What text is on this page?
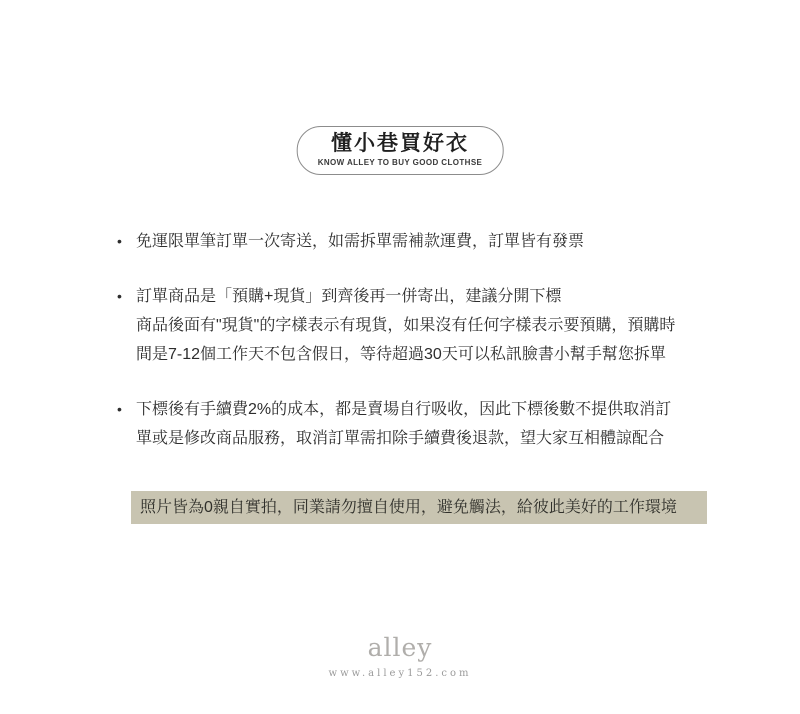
懂小巷買好衣
KNOW ALLEY TO BUY GOOD CLOTHSE
• 免運限單筆訂單一次寄送，如需拆單需補款運費，訂單皆有發票
• 訂單商品是「預購+現貨」到齊後再一併寄出，建議分開下標
商品後面有"現貨"的字樣表示有現貨，如果沒有任何字樣表示要預購，預購時
間是7-12個工作天不包含假日，等待超過30天可以私訊臉書小幫手幫您拆單
• 下標後有手續費2%的成本，都是賣場自行吸收，因此下標後數不提供取消訂
單或是修改商品服務，取消訂單需扣除手續費後退款，望大家互相體諒配合
照片皆為0親自實拍，同業請勿擅自使用，避免觸法，給彼此美好的工作環境
alley
www.alley152.com
